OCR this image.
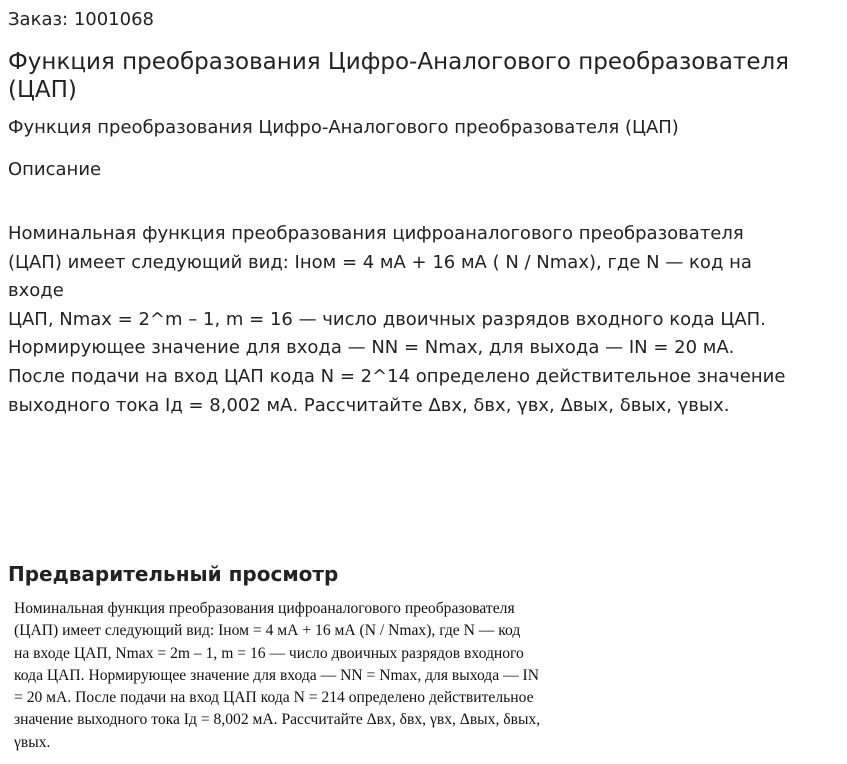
Заказ: 1001068

Функция преобразования Цифро-Аналогового преобразователя (ЦАП)

Функция преобразования Цифро-Аналогового преобразователя (ЦАП)

Описание

Номинальная функция преобразования цифроаналогового преобразователя
(ЦАП) имеет следующий вид: Iном = 4 мА + 16 мА ( N / Nmax), где N — код на
входе
ЦАП, Nmax = 2^m – 1, m = 16 — число двоичных разрядов входного кода ЦАП.
Нормирующее значение для входа — NN = Nmax, для выхода — IN = 20 мА.
После подачи на вход ЦАП кода N = 2^14 определено действительное значение
выходного тока Iд = 8,002 мА. Рассчитайте Δвх, δвх, γвх, Δвых, δвых, γвых.
Предварительный просмотр
Номинальная функция преобразования цифроаналогового преобразователя
(ЦАП) имеет следующий вид: Iном = 4 мА + 16 мА (N / Nmax), где N — код
на входе ЦАП, Nmax = 2m – 1, m = 16 — число двоичных разрядов входного
кода ЦАП. Нормирующее значение для входа — NN = Nmax, для выхода — IN
= 20 мА. После подачи на вход ЦАП кода N = 214 определено действительное
значение выходного тока Iд = 8,002 мА. Рассчитайте Δвх, δвх, γвх, Δвых, δвых,
γвых.
